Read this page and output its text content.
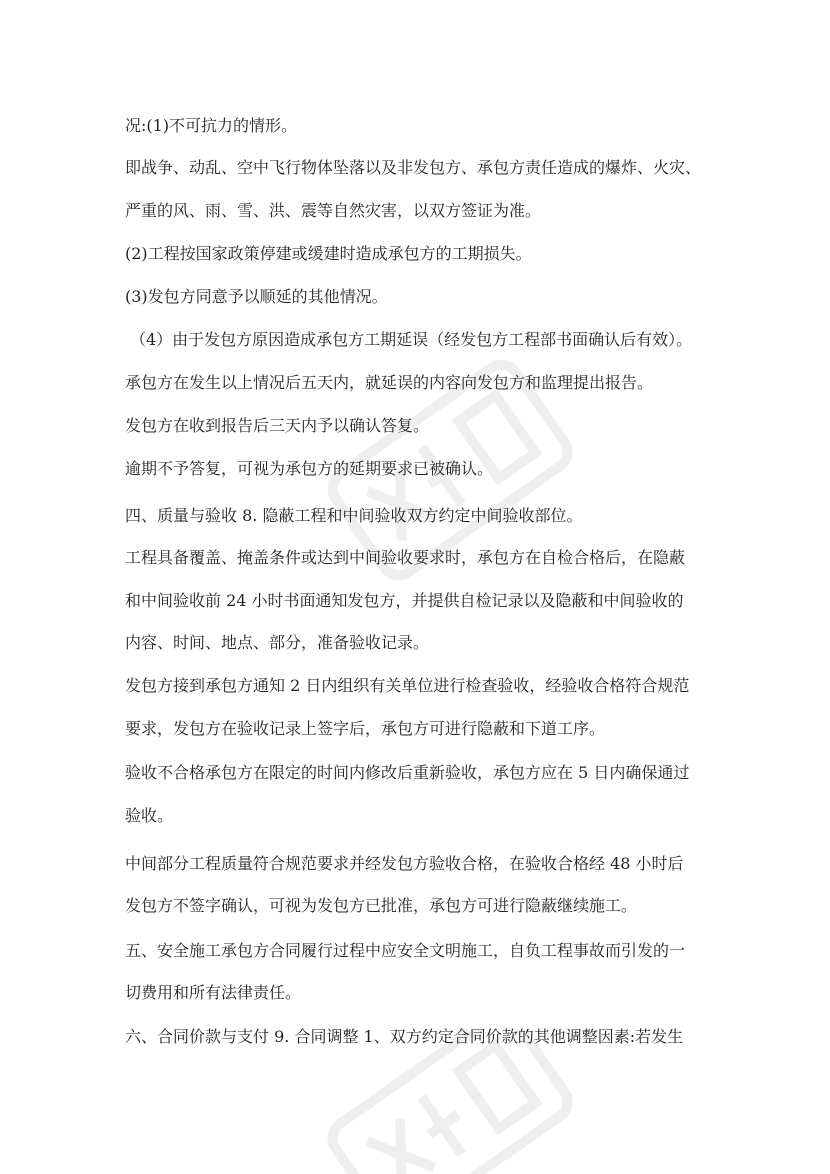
况:(1)不可抗力的情形。
即战争、动乱、空中飞行物体坠落以及非发包方、承包方责任造成的爆炸、火灾、
严重的风、雨、雪、洪、震等自然灾害，以双方签证为准。
(2)工程按国家政策停建或缓建时造成承包方的工期损失。
(3)发包方同意予以顺延的其他情况。
（4）由于发包方原因造成承包方工期延误（经发包方工程部书面确认后有效）。
承包方在发生以上情况后五天内，就延误的内容向发包方和监理提出报告。
发包方在收到报告后三天内予以确认答复。
逾期不予答复，可视为承包方的延期要求已被确认。
四、质量与验收 8. 隐蔽工程和中间验收双方约定中间验收部位。
工程具备覆盖、掩盖条件或达到中间验收要求时，承包方在自检合格后，在隐蔽
和中间验收前 24 小时书面通知发包方，并提供自检记录以及隐蔽和中间验收的
内容、时间、地点、部分，准备验收记录。
发包方接到承包方通知 2 日内组织有关单位进行检查验收，经验收合格符合规范
要求，发包方在验收记录上签字后，承包方可进行隐蔽和下道工序。
验收不合格承包方在限定的时间内修改后重新验收，承包方应在 5 日内确保通过
验收。
中间部分工程质量符合规范要求并经发包方验收合格，在验收合格经 48 小时后
发包方不签字确认，可视为发包方已批准，承包方可进行隐蔽继续施工。
五、安全施工承包方合同履行过程中应安全文明施工，自负工程事故而引发的一
切费用和所有法律责任。
六、合同价款与支付 9. 合同调整 1、双方约定合同价款的其他调整因素:若发生
